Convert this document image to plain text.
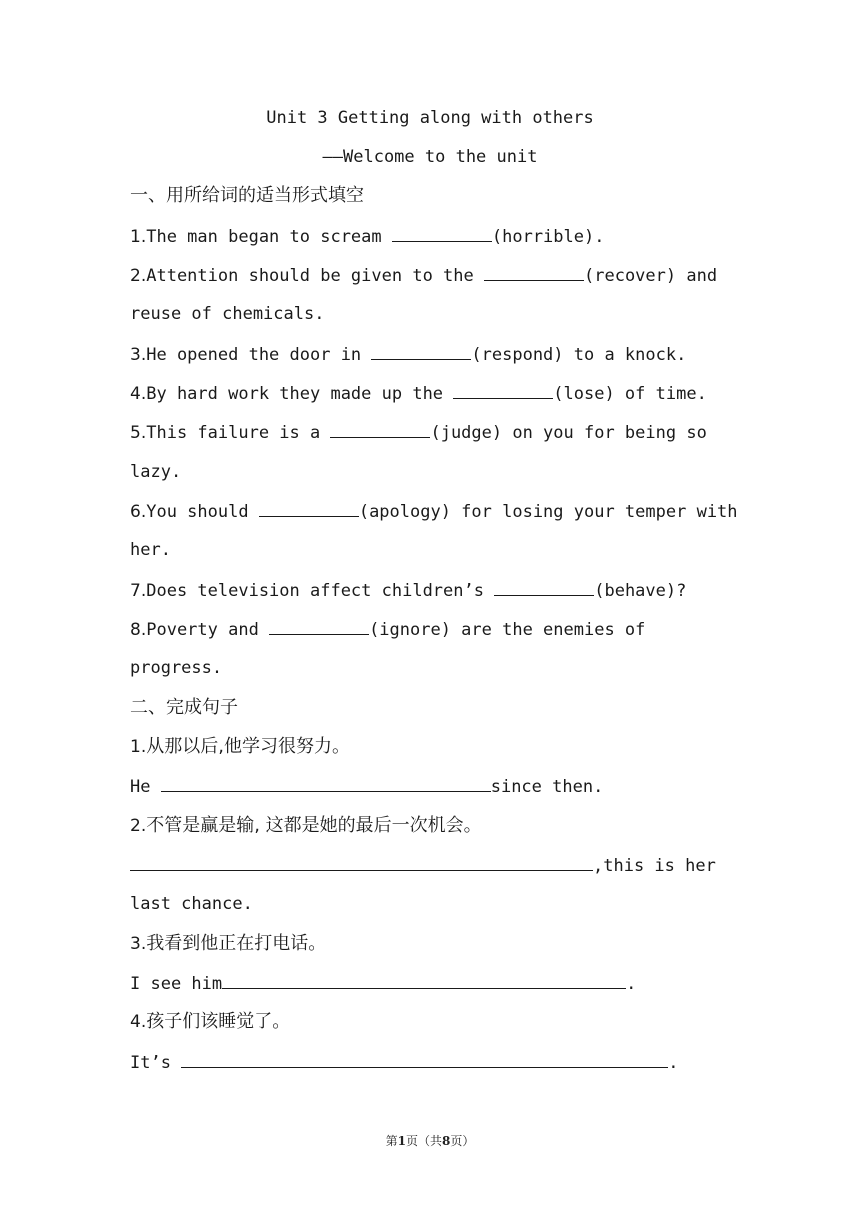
Unit 3 Getting along with others
——Welcome to the unit
一、用所给词的适当形式填空
1.The man began to scream	(horrible).
2.Attention should be given to the	(recover) and
reuse of chemicals.
3.He opened the door in	(respond) to a knock.
4.By hard work they made up the	(lose) of time.
5.This failure is a	(judge) on you for being so
lazy.
6.You should	(apology) for losing your temper with
her.
7.Does television affect children’s	(behave)?
8.Poverty and	(ignore) are the enemies of
progress.
二、完成句子
1.从那以后,他学习很努力。
He	since then.
2.不管是赢是输, 这都是她的最后一次机会。
,this is her
last chance.
3.我看到他正在打电话。
I see him	.
4.孩子们该睡觉了。
It’s	.
第1页（共8页）
